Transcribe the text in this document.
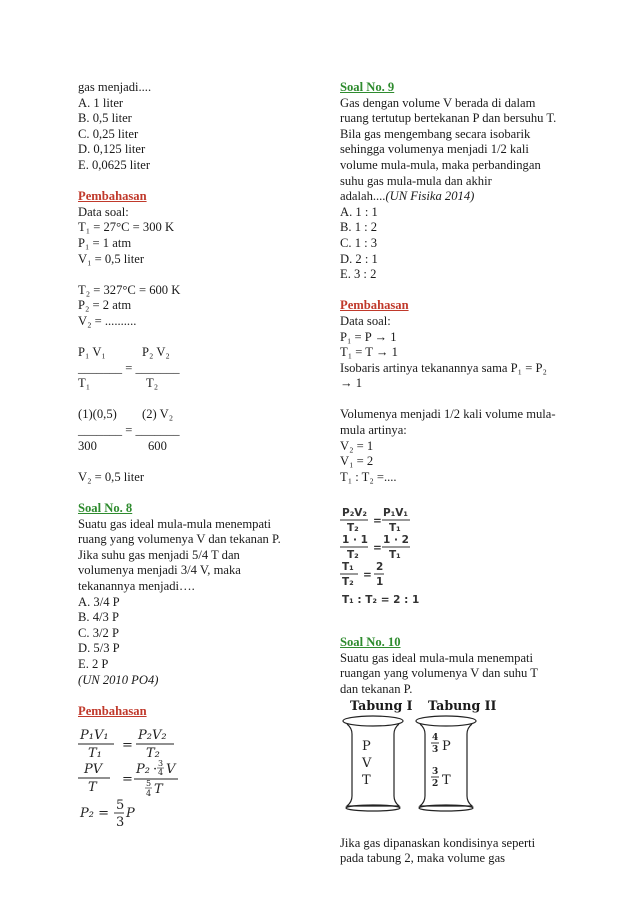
gas menjadi....
A. 1 liter
B. 0,5 liter
C. 0,25 liter
D. 0,125 liter
E. 0,0625 liter
Pembahasan
Data soal:
T₁ = 27°C = 300 K
P₁ = 1 atm
V₁ = 0,5 liter
T₂ = 327°C = 600 K
P₂ = 2 atm
V₂ = ..........
P₁ V₁	P₂ V₂
_______ = _______
T₁	T₂
(1)(0,5)	(2) V₂
_______ = _______
300	600
V₂ = 0,5 liter
Soal No. 8
Suatu gas ideal mula-mula menempati
ruang yang volumenya V dan tekanan P.
Jika suhu gas menjadi 5/4 T dan
volumenya menjadi 3/4 V, maka
tekanannya menjadi….
A. 3/4 P
B. 4/3 P
C. 3/2 P
D. 5/3 P
E. 2 P
(UN 2010 PO4)
Pembahasan
P₁V₁
T₁
=
P₂V₂
T₂
PV
T
=
P₂ · 3
4 V
5
4 T
P₂ =
5
3
P
Soal No. 9
Gas dengan volume V berada di dalam
ruang tertutup bertekanan P dan bersuhu T.
Bila gas mengembang secara isobarik
sehingga volumenya menjadi 1/2 kali
volume mula-mula, maka perbandingan
suhu gas mula-mula dan akhir
adalah....(UN Fisika 2014)
A. 1 : 1
B. 1 : 2
C. 1 : 3
D. 2 : 1
E. 3 : 2
Pembahasan
Data soal:
P₁ = P → 1
T₁ = T → 1
Isobaris artinya tekanannya sama P₁ = P₂
→ 1
Volumenya menjadi 1/2 kali volume mula-
mula artinya:
V₂ = 1
V₁ = 2
T₁ : T₂ =....
P₂V₂
T₂
=
P₁V₁
T₁
1 · 1
T₂
=
1 · 2
T₁
T₁
T₂
=
2
1
T₁ : T₂ = 2 : 1
Soal No. 10
Suatu gas ideal mula-mula menempati
ruangan yang volumenya V dan suhu T
dan tekanan P.
Tabung I Tabung II
P
V
T
4
3 P
3
2 T
Jika gas dipanaskan kondisinya seperti
pada tabung 2, maka volume gas
